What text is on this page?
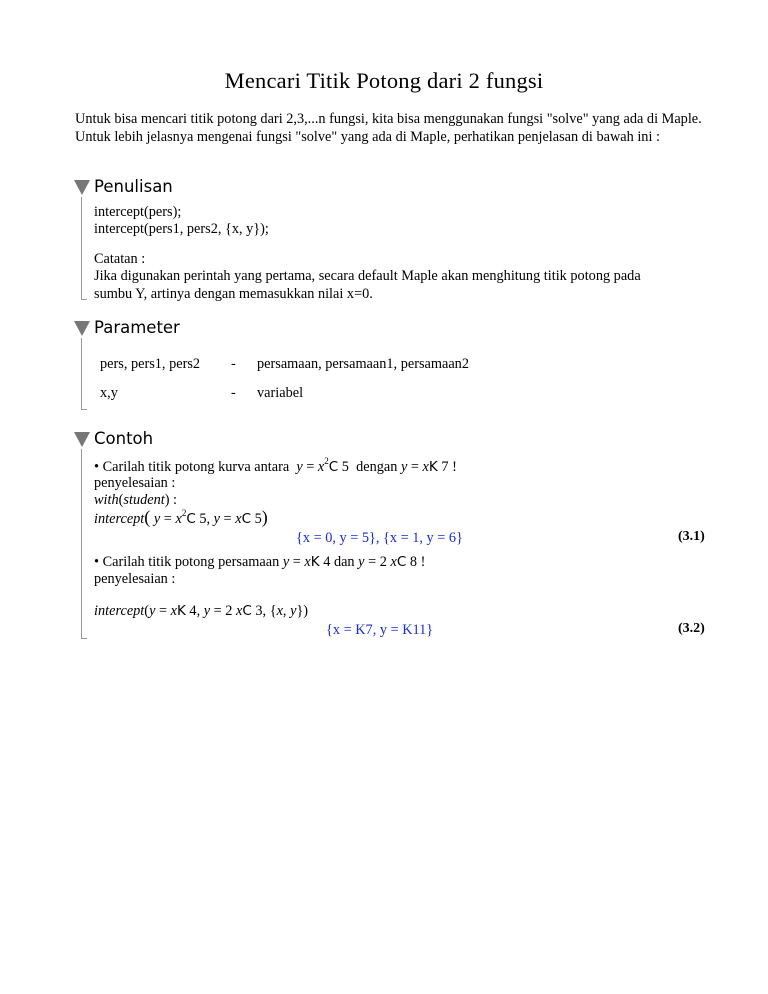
Mencari Titik Potong dari 2 fungsi

Untuk bisa mencari titik potong dari 2,3,...n fungsi, kita bisa menggunakan fungsi "solve" yang ada di Maple. Untuk lebih jelasnya mengenai fungsi "solve" yang ada di Maple, perhatikan penjelasan di bawah ini :

Penulisan
intercept(pers);
intercept(pers1, pers2, {x, y});
Catatan :
Jika digunakan perintah yang pertama, secara default Maple akan menghitung titik potong pada
sumbu Y, artinya dengan memasukkan nilai x=0.
Parameter
pers, pers1, pers2 - persamaan, persamaan1, persamaan2
x,y	- variabel
Contoh
• Carilah titik potong kurva antara $y = x^2C$ 5  dengan y = xK 7 !
penyelesaian :
with(student) :
intercept( $y = x^2C$ 5, y = xC 5)
{x = 0, y = 5}, {x = 1, y = 6}	(3.1)
• Carilah titik potong persamaan y = xK 4 dan y = 2 xC 8 !
penyelesaian :
intercept(y = xK 4, y = 2 xC 3, {x, y})
{x = K7, y = K11}	(3.2)
